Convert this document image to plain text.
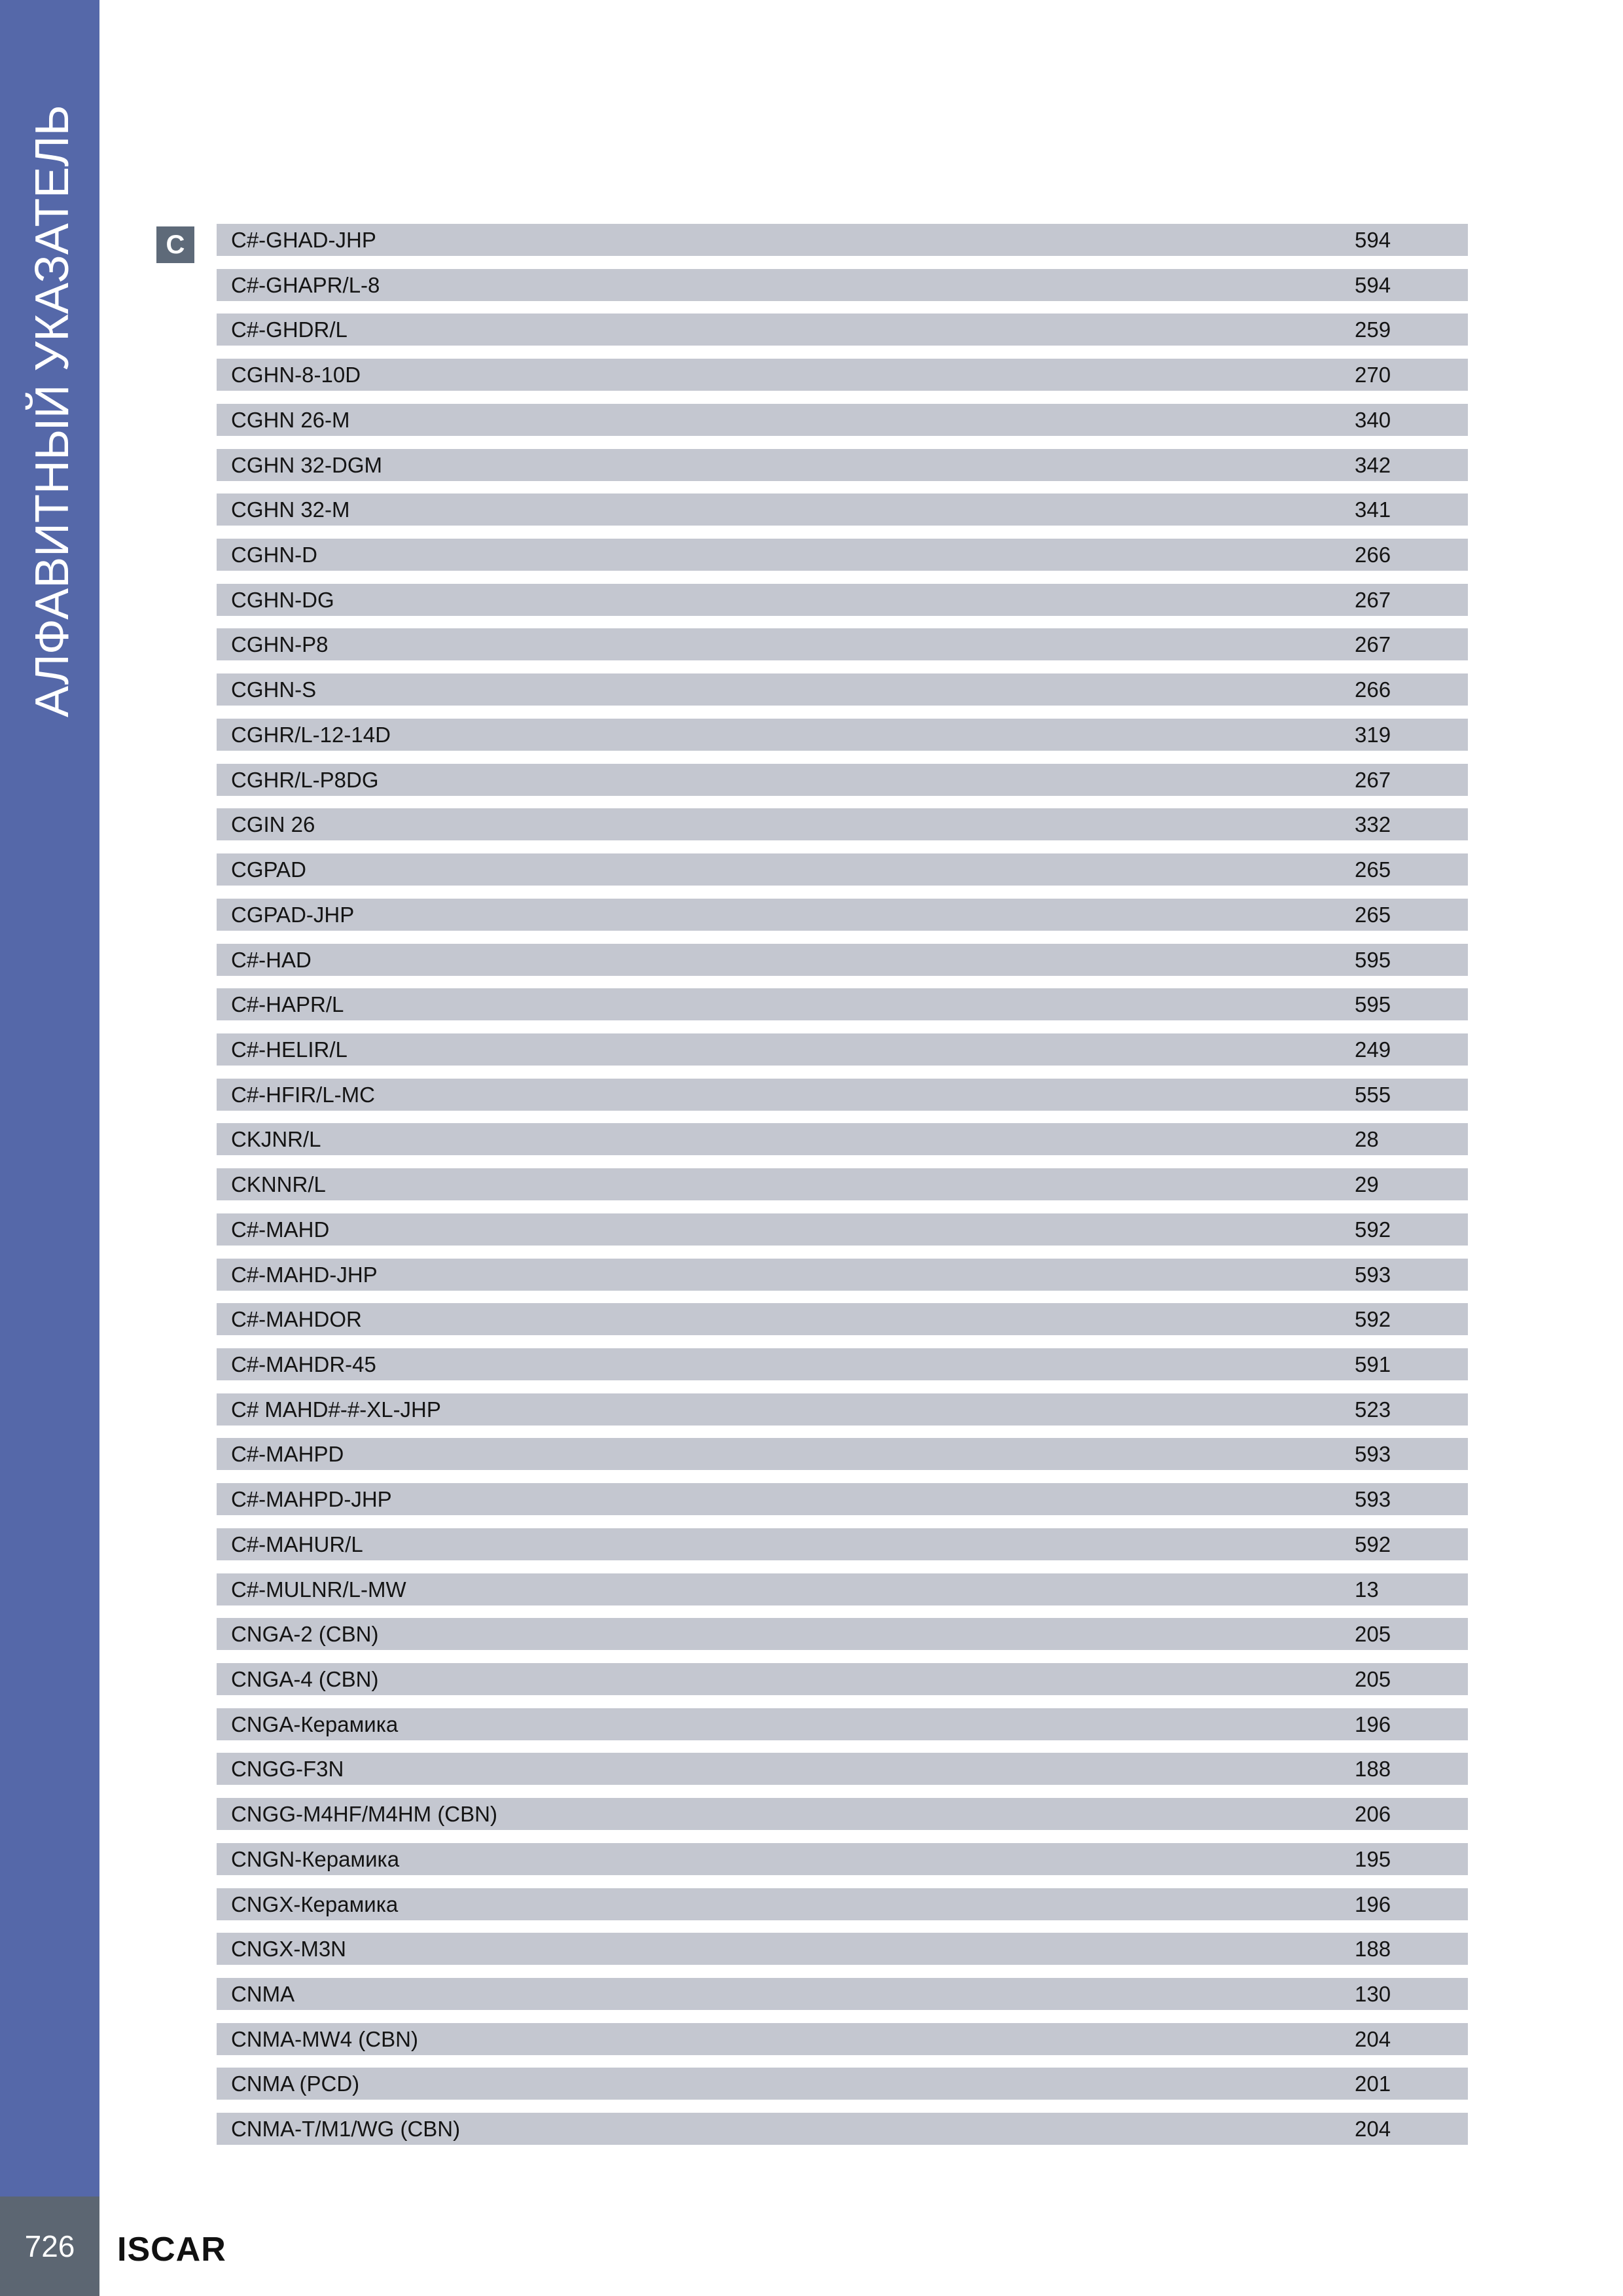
АЛФАВИТНЫЙ УКАЗАТЕЛЬ
726 ISCAR
C	C#-GHAD-JHP	594
C#-GHAPR/L-8	594
C#-GHDR/L	259
CGHN-8-10D	270
CGHN 26-M	340
CGHN 32-DGM	342
CGHN 32-M	341
CGHN-D	266
CGHN-DG	267
CGHN-P8	267
CGHN-S	266
CGHR/L-12-14D	319
CGHR/L-P8DG	267
CGIN 26	332
CGPAD	265
CGPAD-JHP	265
C#-HAD	595
C#-HAPR/L	595
C#-HELIR/L	249
C#-HFIR/L-MC	555
CKJNR/L	28
CKNNR/L	29
C#-MAHD	592
C#-MAHD-JHP	593
C#-MAHDOR	592
C#-MAHDR-45	591
C# MAHD#-#-XL-JHP	523
C#-MAHPD	593
C#-MAHPD-JHP	593
C#-MAHUR/L	592
C#-MULNR/L-MW	13
CNGA-2 (CBN)	205
CNGA-4 (CBN)	205
CNGA-Керамика	196
CNGG-F3N	188
CNGG-M4HF/M4HM (CBN)	206
CNGN-Керамика	195
CNGX-Керамика	196
CNGX-M3N	188
CNMA	130
CNMA-MW4 (CBN)	204
CNMA (PCD)	201
CNMA-T/M1/WG (CBN)	204
